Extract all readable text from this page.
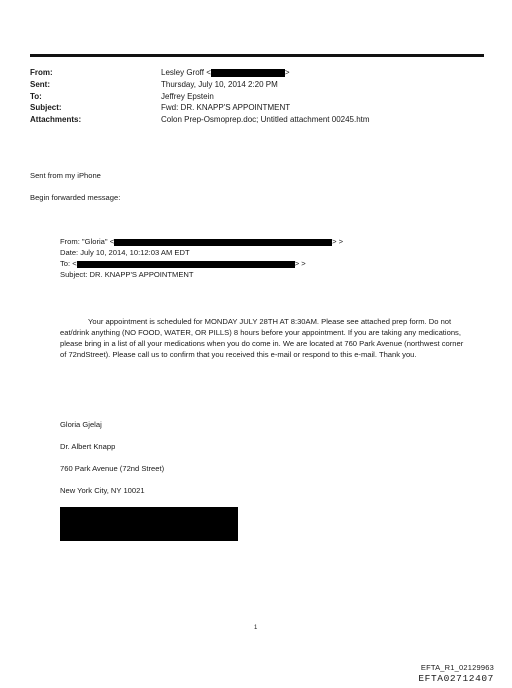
From:	Lesley Groff <	>
Sent:	Thursday, July 10, 2014 2:20 PM
To:	Jeffrey Epstein
Subject:	Fwd: DR. KNAPP'S APPOINTMENT
Attachments:	Colon Prep-Osmoprep.doc; Untitled attachment 00245.htm
Sent from my iPhone
Begin forwarded message:
From: "Gloria" <	> >
Date: July 10, 2014, 10:12:03 AM EDT
To: <	> >
Subject: DR. KNAPP'S APPOINTMENT
Your appointment is scheduled for MONDAY JULY 28TH AT 8:30AM. Please see attached prep form. Do not
eat/drink anything (NO FOOD, WATER, OR PILLS) 8 hours before your appointment. If you are taking any medications,
please bring in a list of all your medications when you do come in. We are located at 760 Park Avenue (northwest corner
of 72ndStreet). Please call us to confirm that you received this e-mail or respond to this e-mail. Thank you.
Gloria Gjelaj
Dr. Albert Knapp
760 Park Avenue (72nd Street)
New York City, NY 10021
1
EFTA_R1_02129963
EFTA02712407
